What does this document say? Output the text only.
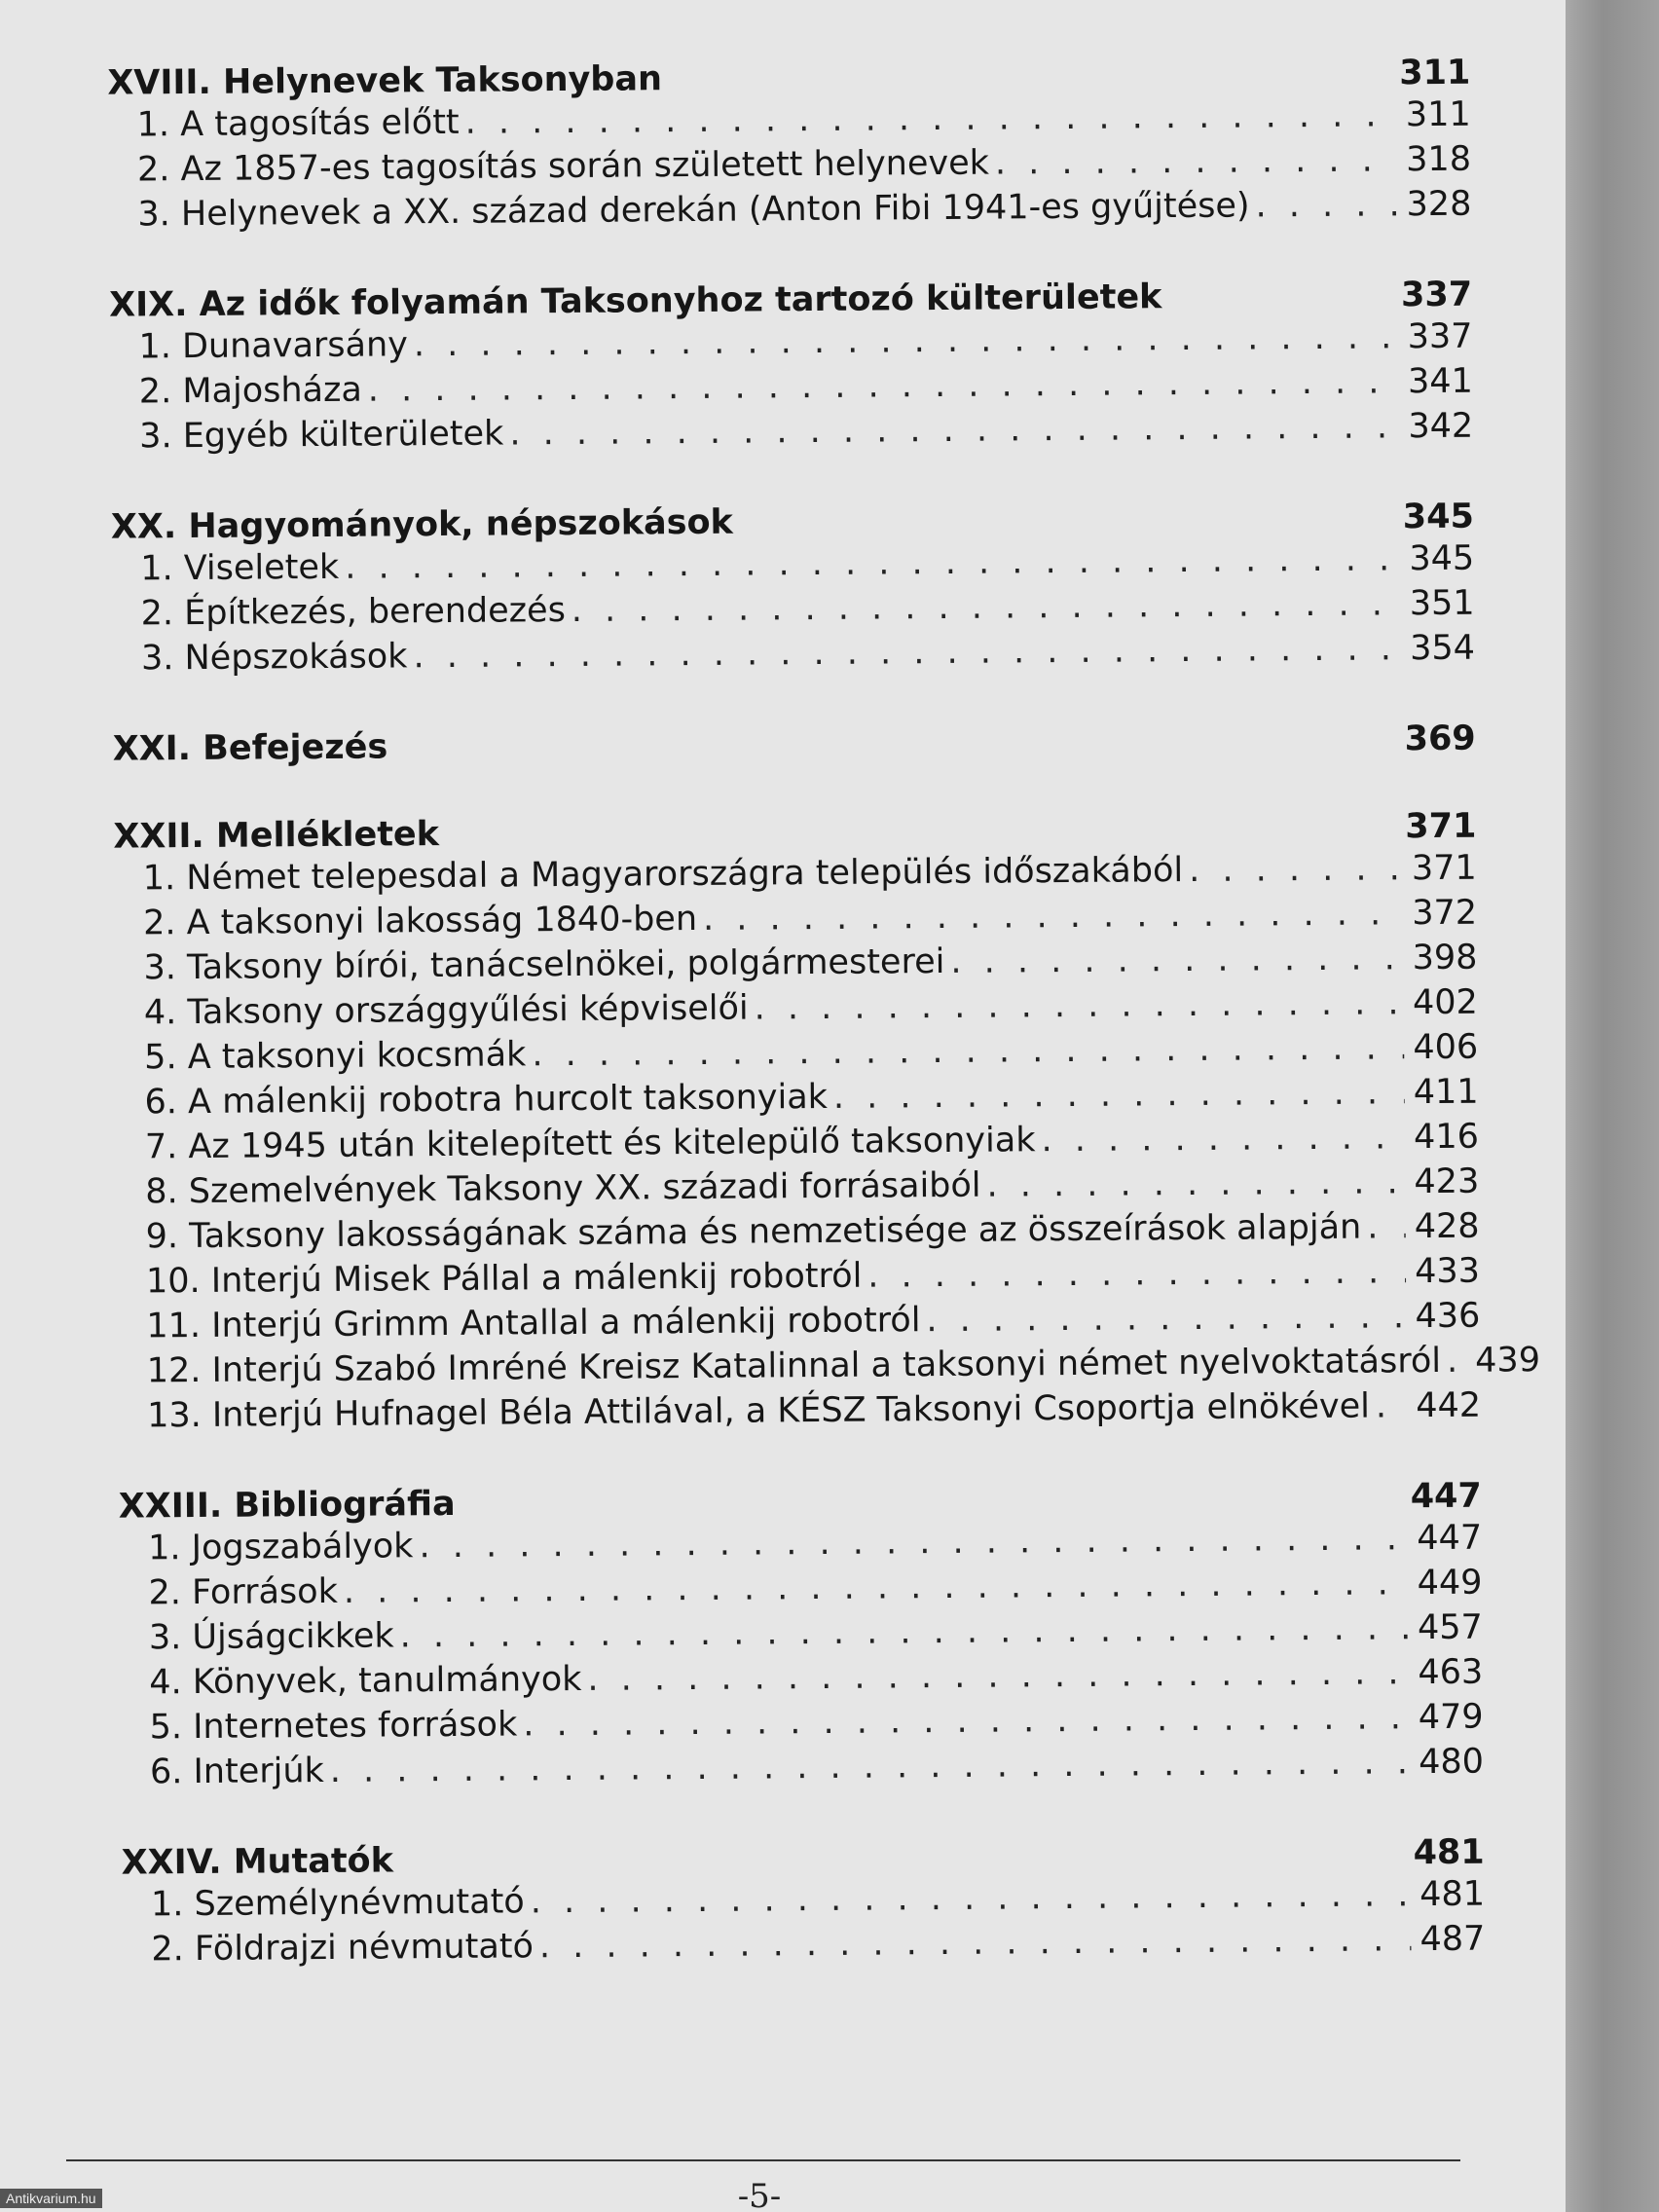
XVIII. Helynevek Taksonyban	311
1. A tagosítás előtt . . .	311
2. Az 1857-es tagosítás során született helynevek . . .	318
3. Helynevek a XX. század derekán (Anton Fibi 1941-es gyűjtése) . . .	328
XIX. Az idők folyamán Taksonyhoz tartozó külterületek	337
1. Dunavarsány . . .	337
2. Majosháza . . .	341
3. Egyéb külterületek . . .	342
XX. Hagyományok, népszokások	345
1. Viseletek . . .	345
2. Építkezés, berendezés . . .	351
3. Népszokások . . .	354
XXI. Befejezés	369
XXII. Mellékletek	371
1. Német telepesdal a Magyarországra település időszakából . . .	371
2. A taksonyi lakosság 1840-ben . . .	372
3. Taksony bírói, tanácselnökei, polgármesterei . . .	398
4. Taksony országgyűlési képviselői . . .	402
5. A taksonyi kocsmák . . .	406
6. A málenkij robotra hurcolt taksonyiak . . .	411
7. Az 1945 után kitelepített és kitelepülő taksonyiak . . .	416
8. Szemelvények Taksony XX. századi forrásaiból . . .	423
9. Taksony lakosságának száma és nemzetisége az összeírások alapján . . . 428
10. Interjú Misek Pállal a málenkij robotról . . .	433
11. Interjú Grimm Antallal a málenkij robotról . . .	436
12. Interjú Szabó Imréné Kreisz Katalinnal a taksonyi német nyelvoktatásról . . . 439
13. Interjú Hufnagel Béla Attilával, a KÉSZ Taksonyi Csoportja elnökével . . . 442
XXIII. Bibliográfia	447
1. Jogszabályok . . .	447
2. Források . . .	449
3. Újságcikkek . . .	457
4. Könyvek, tanulmányok . . .	463
5. Internetes források . . .	479
6. Interjúk . . .	480
XXIV. Mutatók	481
1. Személynévmutató . . .	481
2. Földrajzi névmutató . . .	487
-5-
Antikvarium.hu
